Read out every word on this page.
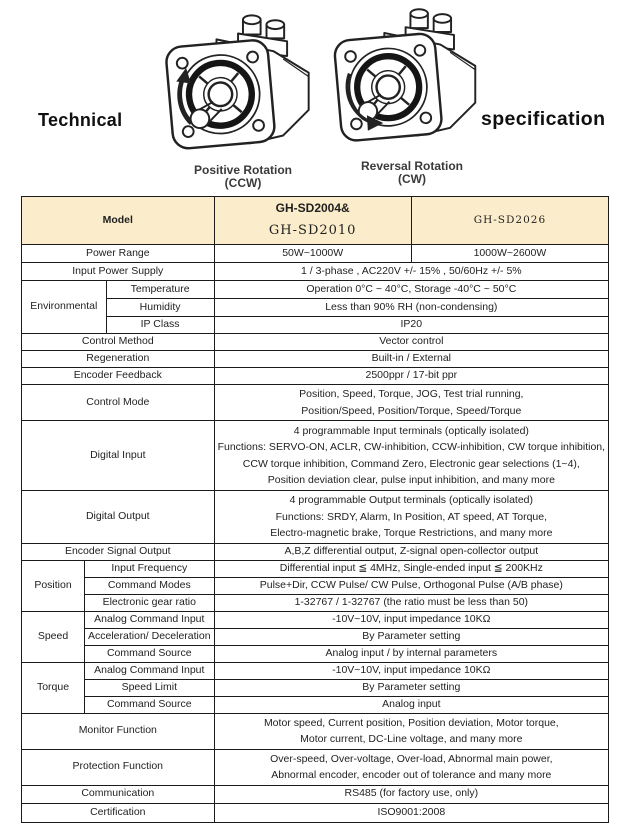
Technical	specification
Positive Rotation
(CCW)
Reversal Rotation
(CW)
Model			GH-SD2004&
GH-SD2010	GH-SD2026
Power Range			50W~1000W	1000W~2600W
Input Power Supply			1 / 3-phase , AC220V +/- 15% , 50/60Hz +/- 5%	
Environmental		Temperature	Operation 0°C ~ 40°C, Storage -40°C ~ 50°C	
		Humidity	Less than 90% RH (non-condensing)	
		IP Class	IP20	
Control Method			Vector control	
Regeneration			Built-in / External	
Encoder Feedback			2500ppr / 17-bit ppr	
Control Mode			Position, Speed, Torque, JOG, Test trial running,
Position/Speed, Position/Torque, Speed/Torque	

Digital Input			4 programmable Input terminals (optically isolated)
Functions: SERVO-ON, ACLR, CW-inhibition, CCW-inhibition, CW torque inhibition,
CCW torque inhibition, Command Zero, Electronic gear selections (1~4),
Position deviation clear, pulse input inhibition, and many more	

Digital Output			4 programmable Output terminals (optically isolated)
Functions: SRDY, Alarm, In Position, AT speed, AT Torque,
Electro-magnetic brake, Torque Restrictions, and many more	

Encoder Signal Output			A,B,Z differential output, Z-signal open-collector output	
Position	Input Frequency		Differential input ≦ 4MHz, Single-ended input ≦ 200KHz	
	Command Modes		Pulse+Dir, CCW Pulse/ CW Pulse, Orthogonal Pulse (A/B phase)	
	Electronic gear ratio		1-32767 / 1-32767 (the ratio must be less than 50)	
Speed	Analog Command Input		-10V~10V, input impedance 10KΩ	
	Acceleration/ Deceleration		By Parameter setting	
	Command Source		Analog input / by internal parameters	
Torque	Analog Command Input		-10V~10V, input impedance 10KΩ	
	Speed Limit		By Parameter setting	
	Command Source		Analog input	
Monitor Function			Motor speed, Current position, Position deviation, Motor torque,
Motor current, DC-Line voltage, and many more	

Protection Function			Over-speed, Over-voltage, Over-load, Abnormal main power,
Abnormal encoder, encoder out of tolerance and many more	

Communication			RS485 (for factory use, only)	
Certification			ISO9001:2008	
